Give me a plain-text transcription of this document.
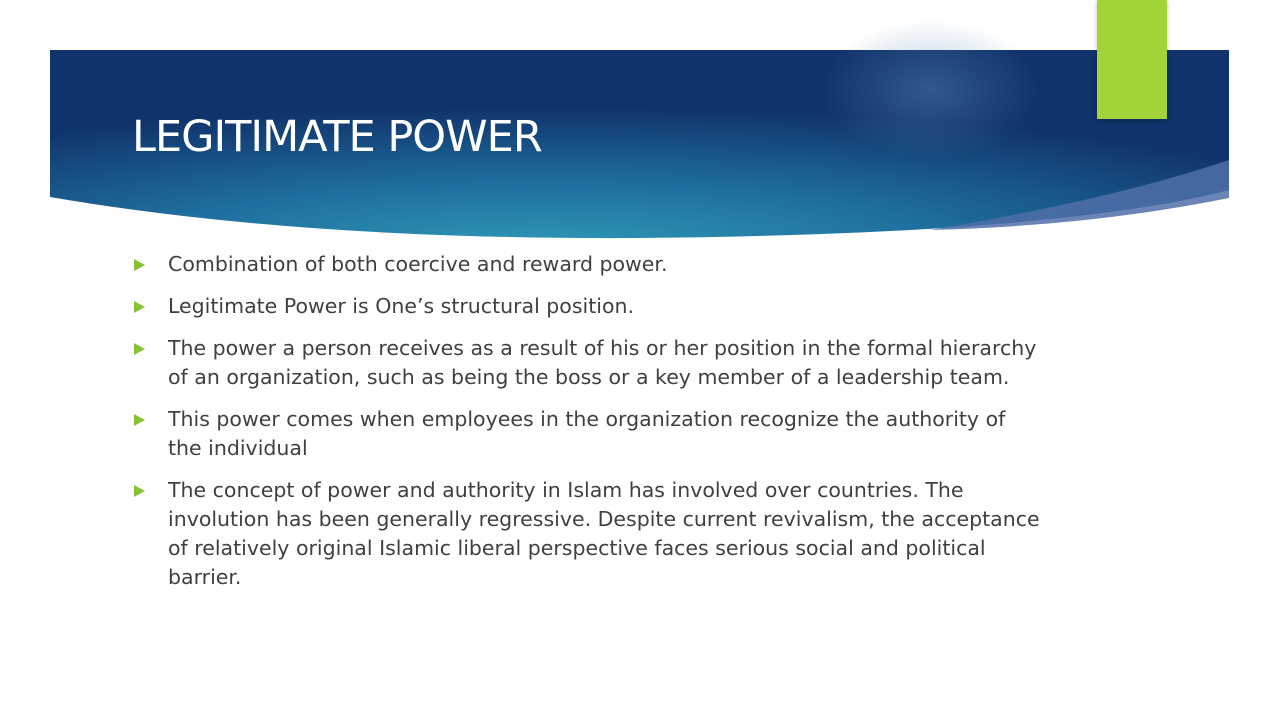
LEGITIMATE POWER
Combination of both coercive and reward power.
Legitimate Power is One’s structural position.
The power a person receives as a result of his or her position in the formal hierarchy of an organization, such as being the boss or a key member of a leadership team.
This power comes when employees in the organization recognize the authority of the individual
The concept of power and authority in Islam has involved over countries. The involution has been generally regressive. Despite current revivalism, the acceptance of relatively original Islamic liberal perspective faces serious social and political barrier.
